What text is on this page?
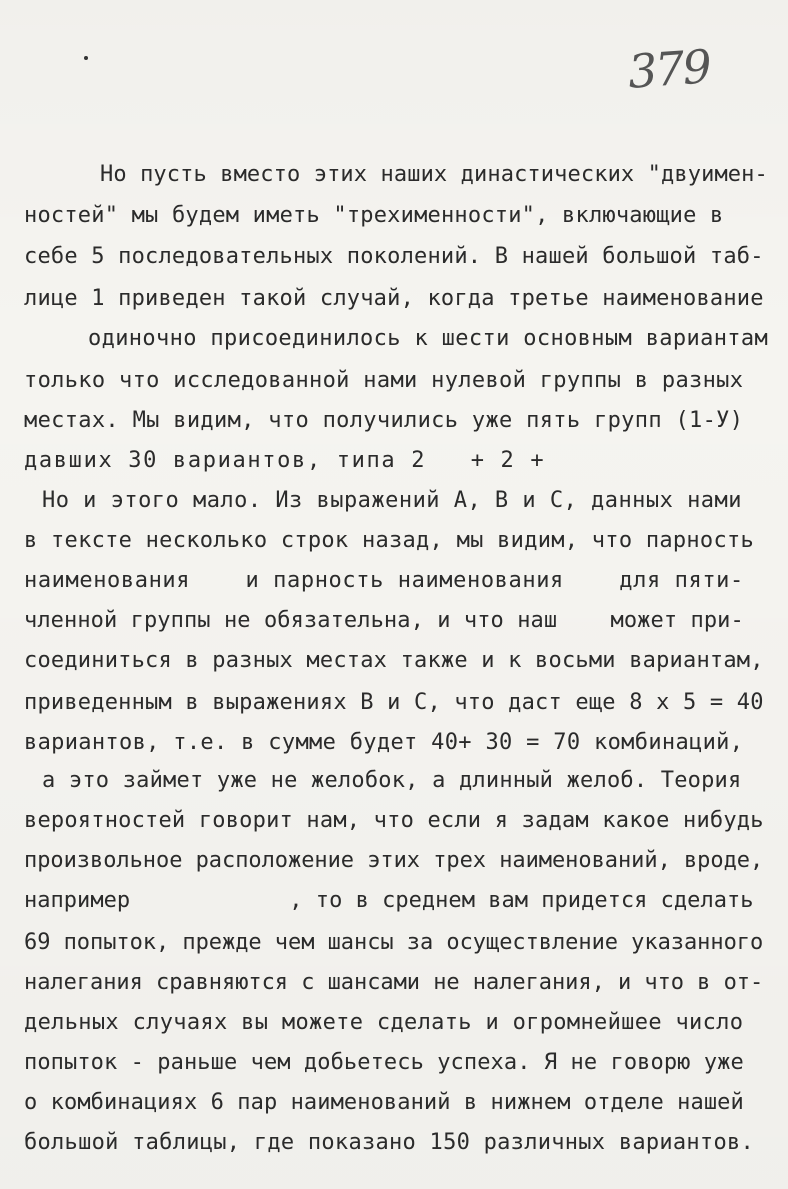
379
Но пусть вместо этих наших династических "двуимен-
ностей" мы будем иметь "трехименности", включающие в
себе 5 последовательных поколений. В нашей большой таб-
лице 1 приведен такой случай, когда третье наименование
одиночно присоединилось к шести основным вариантам
только что исследованной нами нулевой группы в разных
местах. Мы видим, что получились уже пять групп (1-У)
давших 30 вариантов, типа 2   + 2 +
Но и этого мало. Из выражений А, В и С, данных нами
в тексте несколько строк назад, мы видим, что парность
наименования    и парность наименования    для пяти-
членной группы не обязательна, и что наш    может при-
соединиться в разных местах также и к восьми вариантам,
приведенным в выражениях В и С, что даст еще 8 х 5 = 40
вариантов, т.е. в сумме будет 40+ 30 = 70 комбинаций,
а это займет уже не желобок, а длинный желоб. Теория
вероятностей говорит нам, что если я задам какое нибудь
произвольное расположение этих трех наименований, вроде,
например            , то в среднем вам придется сделать
69 попыток, прежде чем шансы за осуществление указанного
налегания сравняются с шансами не налегания, и что в от-
дельных случаях вы можете сделать и огромнейшее число
попыток - раньше чем добьетесь успеха. Я не говорю уже
о комбинациях 6 пар наименований в нижнем отделе нашей
большой таблицы, где показано 150 различных вариантов.
